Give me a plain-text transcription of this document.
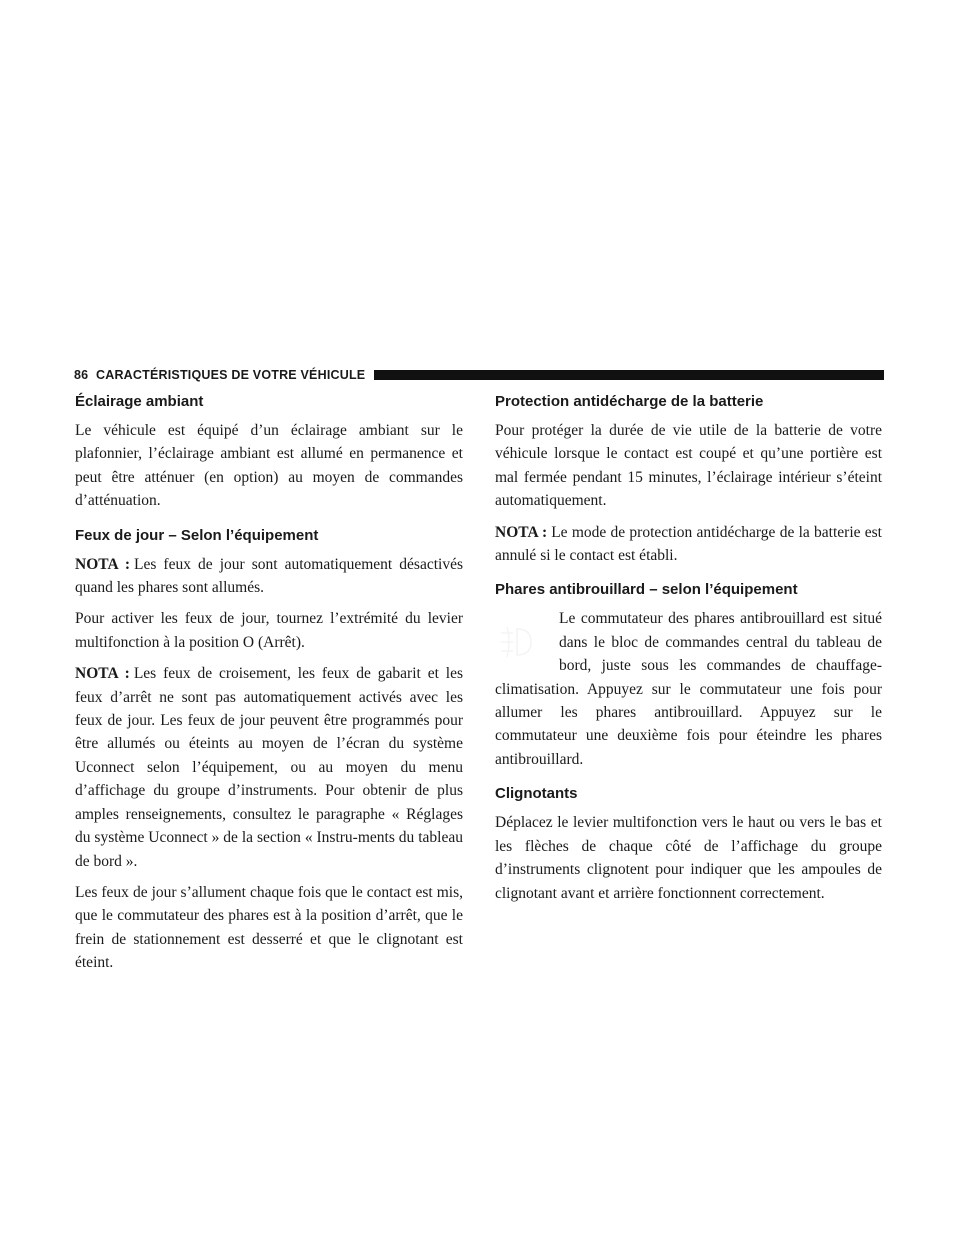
86 CARACTÉRISTIQUES DE VOTRE VÉHICULE
Éclairage ambiant

Le véhicule est équipé d’un éclairage ambiant sur le plafonnier, l’éclairage ambiant est allumé en permanence et peut être atténuer (en option) au moyen de commandes d’atténuation.

Feux de jour – Selon l’équipement

NOTA : Les feux de jour sont automatiquement désactivés quand les phares sont allumés.

Pour activer les feux de jour, tournez l’extrémité du levier multifonction à la position O (Arrêt).

NOTA : Les feux de croisement, les feux de gabarit et les feux d’arrêt ne sont pas automatiquement activés avec les feux de jour. Les feux de jour peuvent être programmés pour être allumés ou éteints au moyen de l’écran du système Uconnect selon l’équipement, ou au moyen du menu d’affichage du groupe d’instruments. Pour obtenir de plus amples renseignements, consultez le paragraphe « Réglages du système Uconnect » de la section « Instru-ments du tableau de bord ».

Les feux de jour s’allument chaque fois que le contact est mis, que le commutateur des phares est à la position d’arrêt, que le frein de stationnement est desserré et que le clignotant est éteint.

Protection antidécharge de la batterie

Pour protéger la durée de vie utile de la batterie de votre véhicule lorsque le contact est coupé et qu’une portière est mal fermée pendant 15 minutes, l’éclairage intérieur s’éteint automatiquement.

NOTA : Le mode de protection antidécharge de la batterie est annulé si le contact est établi.

Phares antibrouillard – selon l’équipement

Le commutateur des phares antibrouillard est situé dans le bloc de commandes central du tableau de bord, juste sous les commandes de chauffage-climatisation. Appuyez sur le commutateur une fois pour allumer les phares antibrouillard. Appuyez sur le commutateur une deuxième fois pour éteindre les phares antibrouillard.

Clignotants

Déplacez le levier multifonction vers le haut ou vers le bas et les flèches de chaque côté de l’affichage du groupe d’instruments clignotent pour indiquer que les ampoules de clignotant avant et arrière fonctionnent correctement.
